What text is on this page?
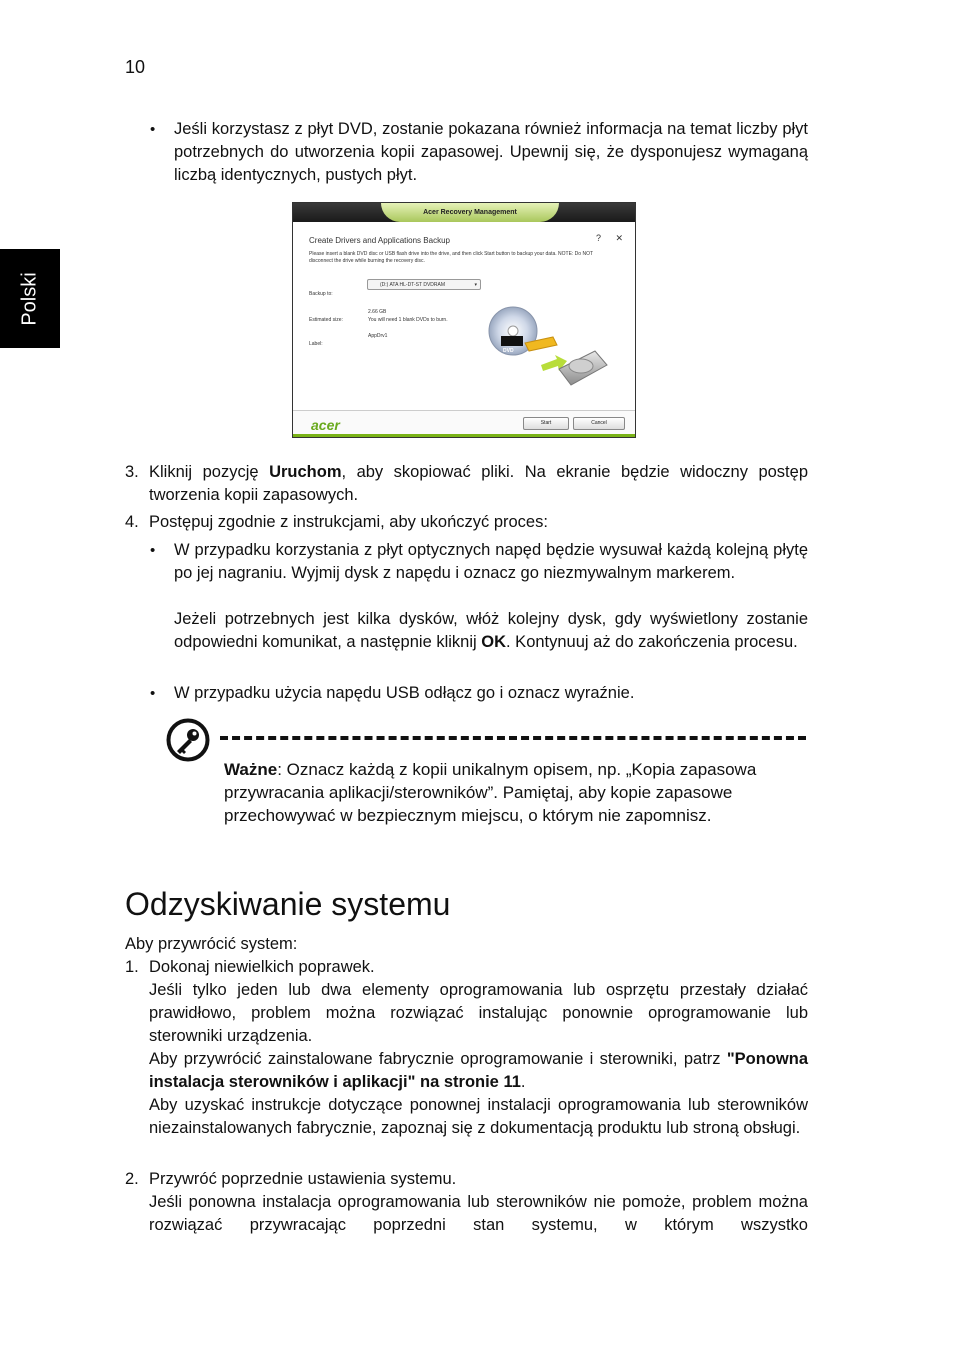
10
Polski
• Jeśli korzystasz z płyt DVD, zostanie pokazana również informacja na temat liczby płyt potrzebnych do utworzenia kopii zapasowej. Upewnij się, że dysponujesz wymaganą liczbą identycznych, pustych płyt.
Acer Recovery Management
? ✕
Create Drivers and Applications Backup
Please insert a blank DVD disc or USB flash drive into the drive, and then click Start button to backup your data. NOTE: Do NOT disconnect the drive while burning the recovery disc.
Backup to:
(D:) ATA HL-DT-ST DVDRAM	▾
Estimated size:
2.66 GB
You will need 1 blank DVDs to burn.
Label:
AppDrv1
DVD
acer	Start	Cancel
3. Kliknij pozycję Uruchom, aby skopiować pliki. Na ekranie będzie widoczny postęp tworzenia kopii zapasowych.
4. Postępuj zgodnie z instrukcjami, aby ukończyć proces:
• W przypadku korzystania z płyt optycznych napęd będzie wysuwał każdą kolejną płytę po jej nagraniu. Wyjmij dysk z napędu i oznacz go niezmywalnym markerem.
Jeżeli potrzebnych jest kilka dysków, włóż kolejny dysk, gdy wyświetlony zostanie odpowiedni komunikat, a następnie kliknij OK. Kontynuuj aż do zakończenia procesu.
• W przypadku użycia napędu USB odłącz go i oznacz wyraźnie.
Ważne: Oznacz każdą z kopii unikalnym opisem, np. „Kopia zapasowa przywracania aplikacji/sterowników”. Pamiętaj, aby kopie zapasowe przechowywać w bezpiecznym miejscu, o którym nie zapomnisz.
Odzyskiwanie systemu
Aby przywrócić system:
1. Dokonaj niewielkich poprawek.
Jeśli tylko jeden lub dwa elementy oprogramowania lub osprzętu przestały działać prawidłowo, problem można rozwiązać instalując ponownie oprogramowanie lub sterowniki urządzenia.
Aby przywrócić zainstalowane fabrycznie oprogramowanie i sterowniki, patrz "Ponowna instalacja sterowników i aplikacji" na stronie 11.
Aby uzyskać instrukcje dotyczące ponownej instalacji oprogramowania lub sterowników niezainstalowanych fabrycznie, zapoznaj się z dokumentacją produktu lub stroną obsługi.
2. Przywróć poprzednie ustawienia systemu.
Jeśli ponowna instalacja oprogramowania lub sterowników nie pomoże, problem można rozwiązać przywracając poprzedni stan systemu, w którym wszystko
